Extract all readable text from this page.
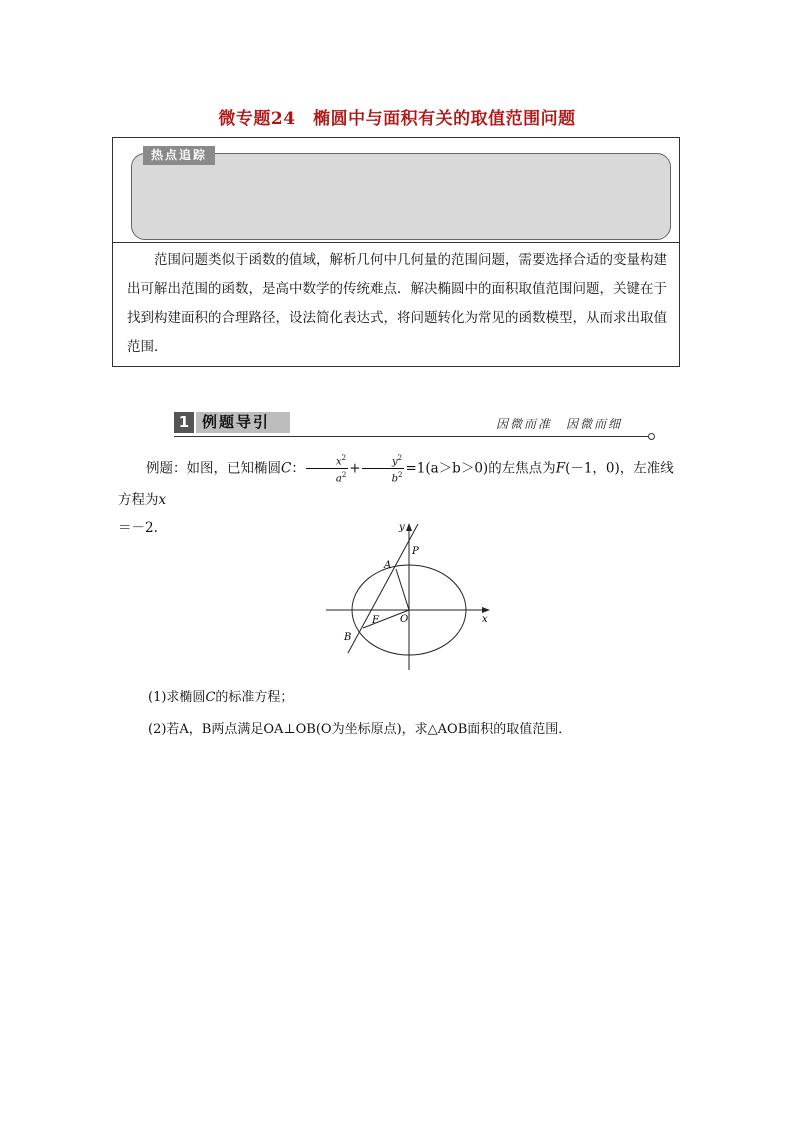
微专题24　椭圆中与面积有关的取值范围问题
热点追踪
范围问题类似于函数的值域，解析几何中几何量的范围问题，需要选择合适的变量构建出可解出范围的函数，是高中数学的传统难点．解决椭圆中的面积取值范围问题，关键在于找到构建面积的合理路径，设法简化表达式，将问题转化为常见的函数模型，从而求出取值范围．
1 例题导引	因微而准　因微而细
例题：如图，已知椭圆C： $\frac{x^2}{a^2} + \frac{y^2}{b^2} =1(a>b>0)$的左焦点为F(－1，0)，左准线方程为x
＝－2.
x
y
P
A
B
F O
(1)求椭圆C的标准方程；
(2)若A，B两点满足OA⊥OB(O为坐标原点)，求△AOB面积的取值范围．
